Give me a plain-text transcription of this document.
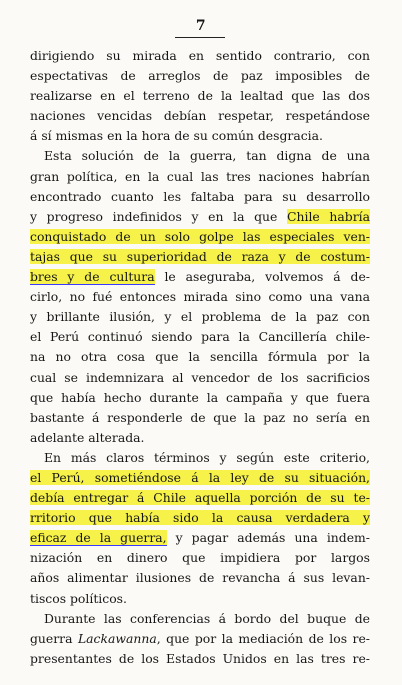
7
dirigiendo su mirada en sentido contrario, con
espectativas de arreglos de paz imposibles de
realizarse en el terreno de la lealtad que las dos
naciones vencidas debían respetar, respetándose
á sí mismas en la hora de su común desgracia.
Esta solución de la guerra, tan digna de una
gran política, en la cual las tres naciones habrían
encontrado cuanto les faltaba para su desarrollo
y progreso indefinidos y en la que Chile habría
conquistado de un solo golpe las especiales ven-
tajas que su superioridad de raza y de costum-
bres y de cultura le aseguraba, volvemos á de-
cirlo, no fué entonces mirada sino como una vana
y brillante ilusión, y el problema de la paz con
el Perú continuó siendo para la Cancillería chile-
na no otra cosa que la sencilla fórmula por la
cual se indemnizara al vencedor de los sacrificios
que había hecho durante la campaña y que fuera
bastante á responderle de que la paz no sería en
adelante alterada.
En más claros términos y según este criterio,
el Perú, sometiéndose á la ley de su situación,
debía entregar á Chile aquella porción de su te-
rritorio que había sido la causa verdadera y
eficaz de la guerra, y pagar además una indem-
nización en dinero que impidiera por largos
años alimentar ilusiones de revancha á sus levan-
tiscos políticos.
Durante las conferencias á bordo del buque de
guerra Lackawanna, que por la mediación de los re-
presentantes de los Estados Unidos en las tres re-
